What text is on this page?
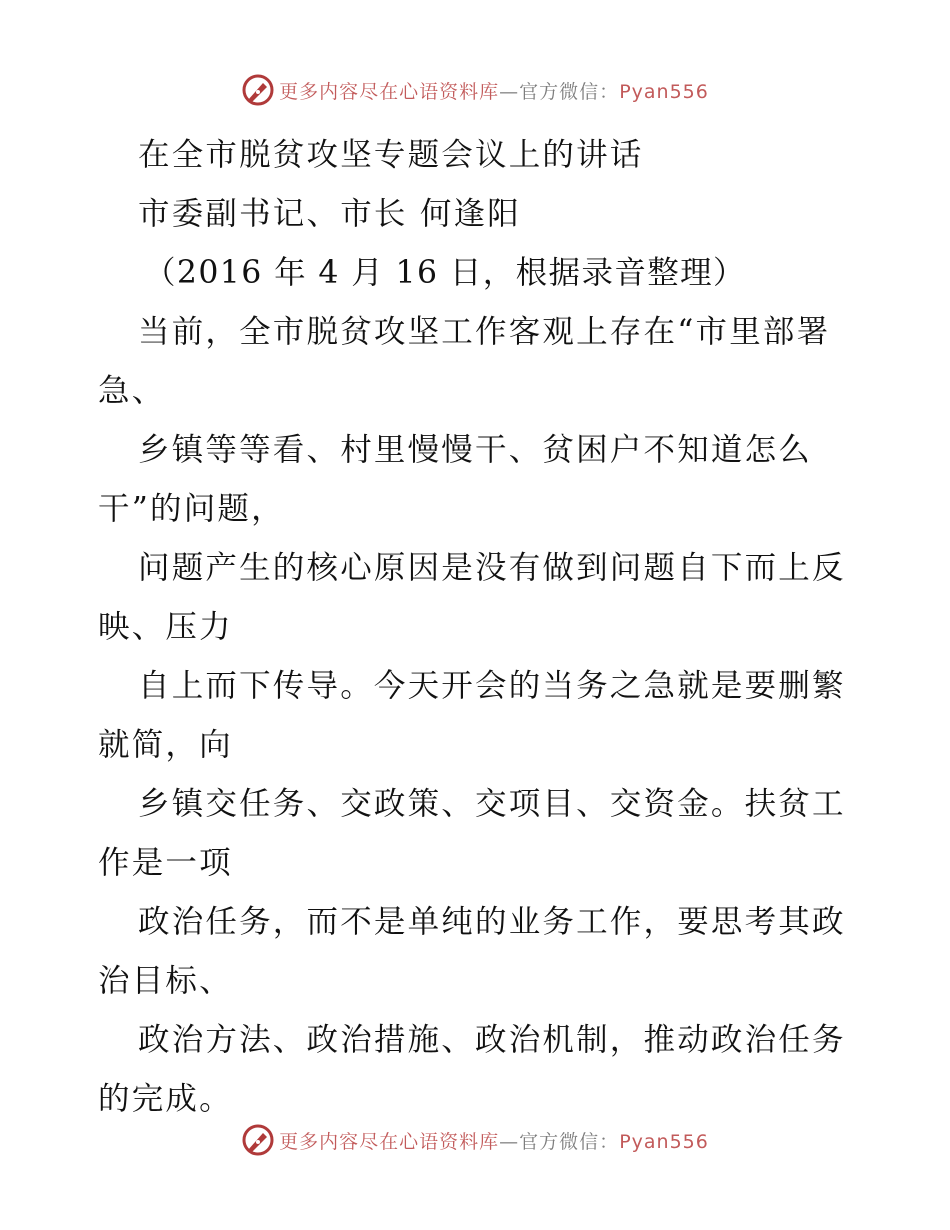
更多内容尽在心语资料库—官方微信：Pyan556
在全市脱贫攻坚专题会议上的讲话
市委副书记、市长 何逢阳
（2016 年 4 月 16 日，根据录音整理）
当前，全市脱贫攻坚工作客观上存在“市里部署
急、
乡镇等等看、村里慢慢干、贫困户不知道怎么
干”的问题，
问题产生的核心原因是没有做到问题自下而上反
映、压力
自上而下传导。今天开会的当务之急就是要删繁
就简，向
乡镇交任务、交政策、交项目、交资金。扶贫工
作是一项
政治任务，而不是单纯的业务工作，要思考其政
治目标、
政治方法、政治措施、政治机制，推动政治任务
的完成。
更多内容尽在心语资料库—官方微信：Pyan556
